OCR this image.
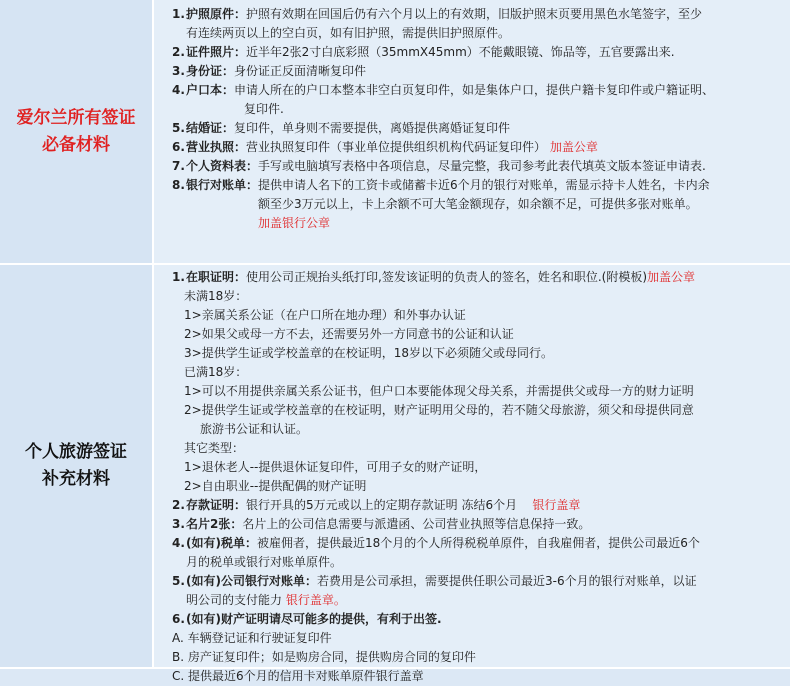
爱尔兰所有签证
必备材料
1. 护照原件：护照有效期在回国后仍有六个月以上的有效期，旧版护照末页要用黑色水笔签字，至少
有连续两页以上的空白页，如有旧护照，需提供旧护照原件。
2. 证件照片：近半年2张2寸白底彩照（35mmX45mm）不能戴眼镜、饰品等，五官要露出来.
3. 身份证：身份证正反面清晰复印件
4. 户口本：申请人所在的户口本整本非空白页复印件，如是集体户口，提供户籍卡复印件或户籍证明、
复印件.
5. 结婚证：复印件，单身则不需要提供，离婚提供离婚证复印件
6. 营业执照：营业执照复印件（事业单位提供组织机构代码证复印件） 加盖公章
7. 个人资料表：手写或电脑填写表格中各项信息，尽量完整，我司参考此表代填英文版本签证申请表.
8. 银行对账单：提供申请人名下的工资卡或储蓄卡近6个月的银行对账单，需显示持卡人姓名，卡内余
额至少3万元以上，卡上余额不可大笔金额现存，如余额不足，可提供多张对账单。
加盖银行公章
个人旅游签证
补充材料
1. 在职证明：使用公司正规抬头纸打印,签发该证明的负责人的签名，姓名和职位.(附模板)加盖公章
未满18岁：
1>亲属关系公证（在户口所在地办理）和外事办认证
2>如果父或母一方不去，还需要另外一方同意书的公证和认证
3>提供学生证或学校盖章的在校证明，18岁以下必须随父或母同行。
已满18岁：
1>可以不用提供亲属关系公证书，但户口本要能体现父母关系，并需提供父或母一方的财力证明
2>提供学生证或学校盖章的在校证明，财产证明用父母的，若不随父母旅游，须父和母提供同意
旅游书公证和认证。
其它类型：
1>退休老人--提供退休证复印件，可用子女的财产证明，
2>自由职业--提供配偶的财产证明
2. 存款证明：银行开具的5万元或以上的定期存款证明 冻结6个月 银行盖章
3. 名片2张：名片上的公司信息需要与派遣函、公司营业执照等信息保持一致。
4. (如有)税单：被雇佣者，提供最近18个月的个人所得税税单原件，自我雇佣者，提供公司最近6个
月的税单或银行对账单原件。
5. (如有)公司银行对账单：若费用是公司承担，需要提供任职公司最近3-6个月的银行对账单，以证
明公司的支付能力 银行盖章。
6. (如有)财产证明请尽可能多的提供，有利于出签.
A. 车辆登记证和行驶证复印件
B. 房产证复印件；如是购房合同，提供购房合同的复印件
C. 提供最近6个月的信用卡对账单原件银行盖章
